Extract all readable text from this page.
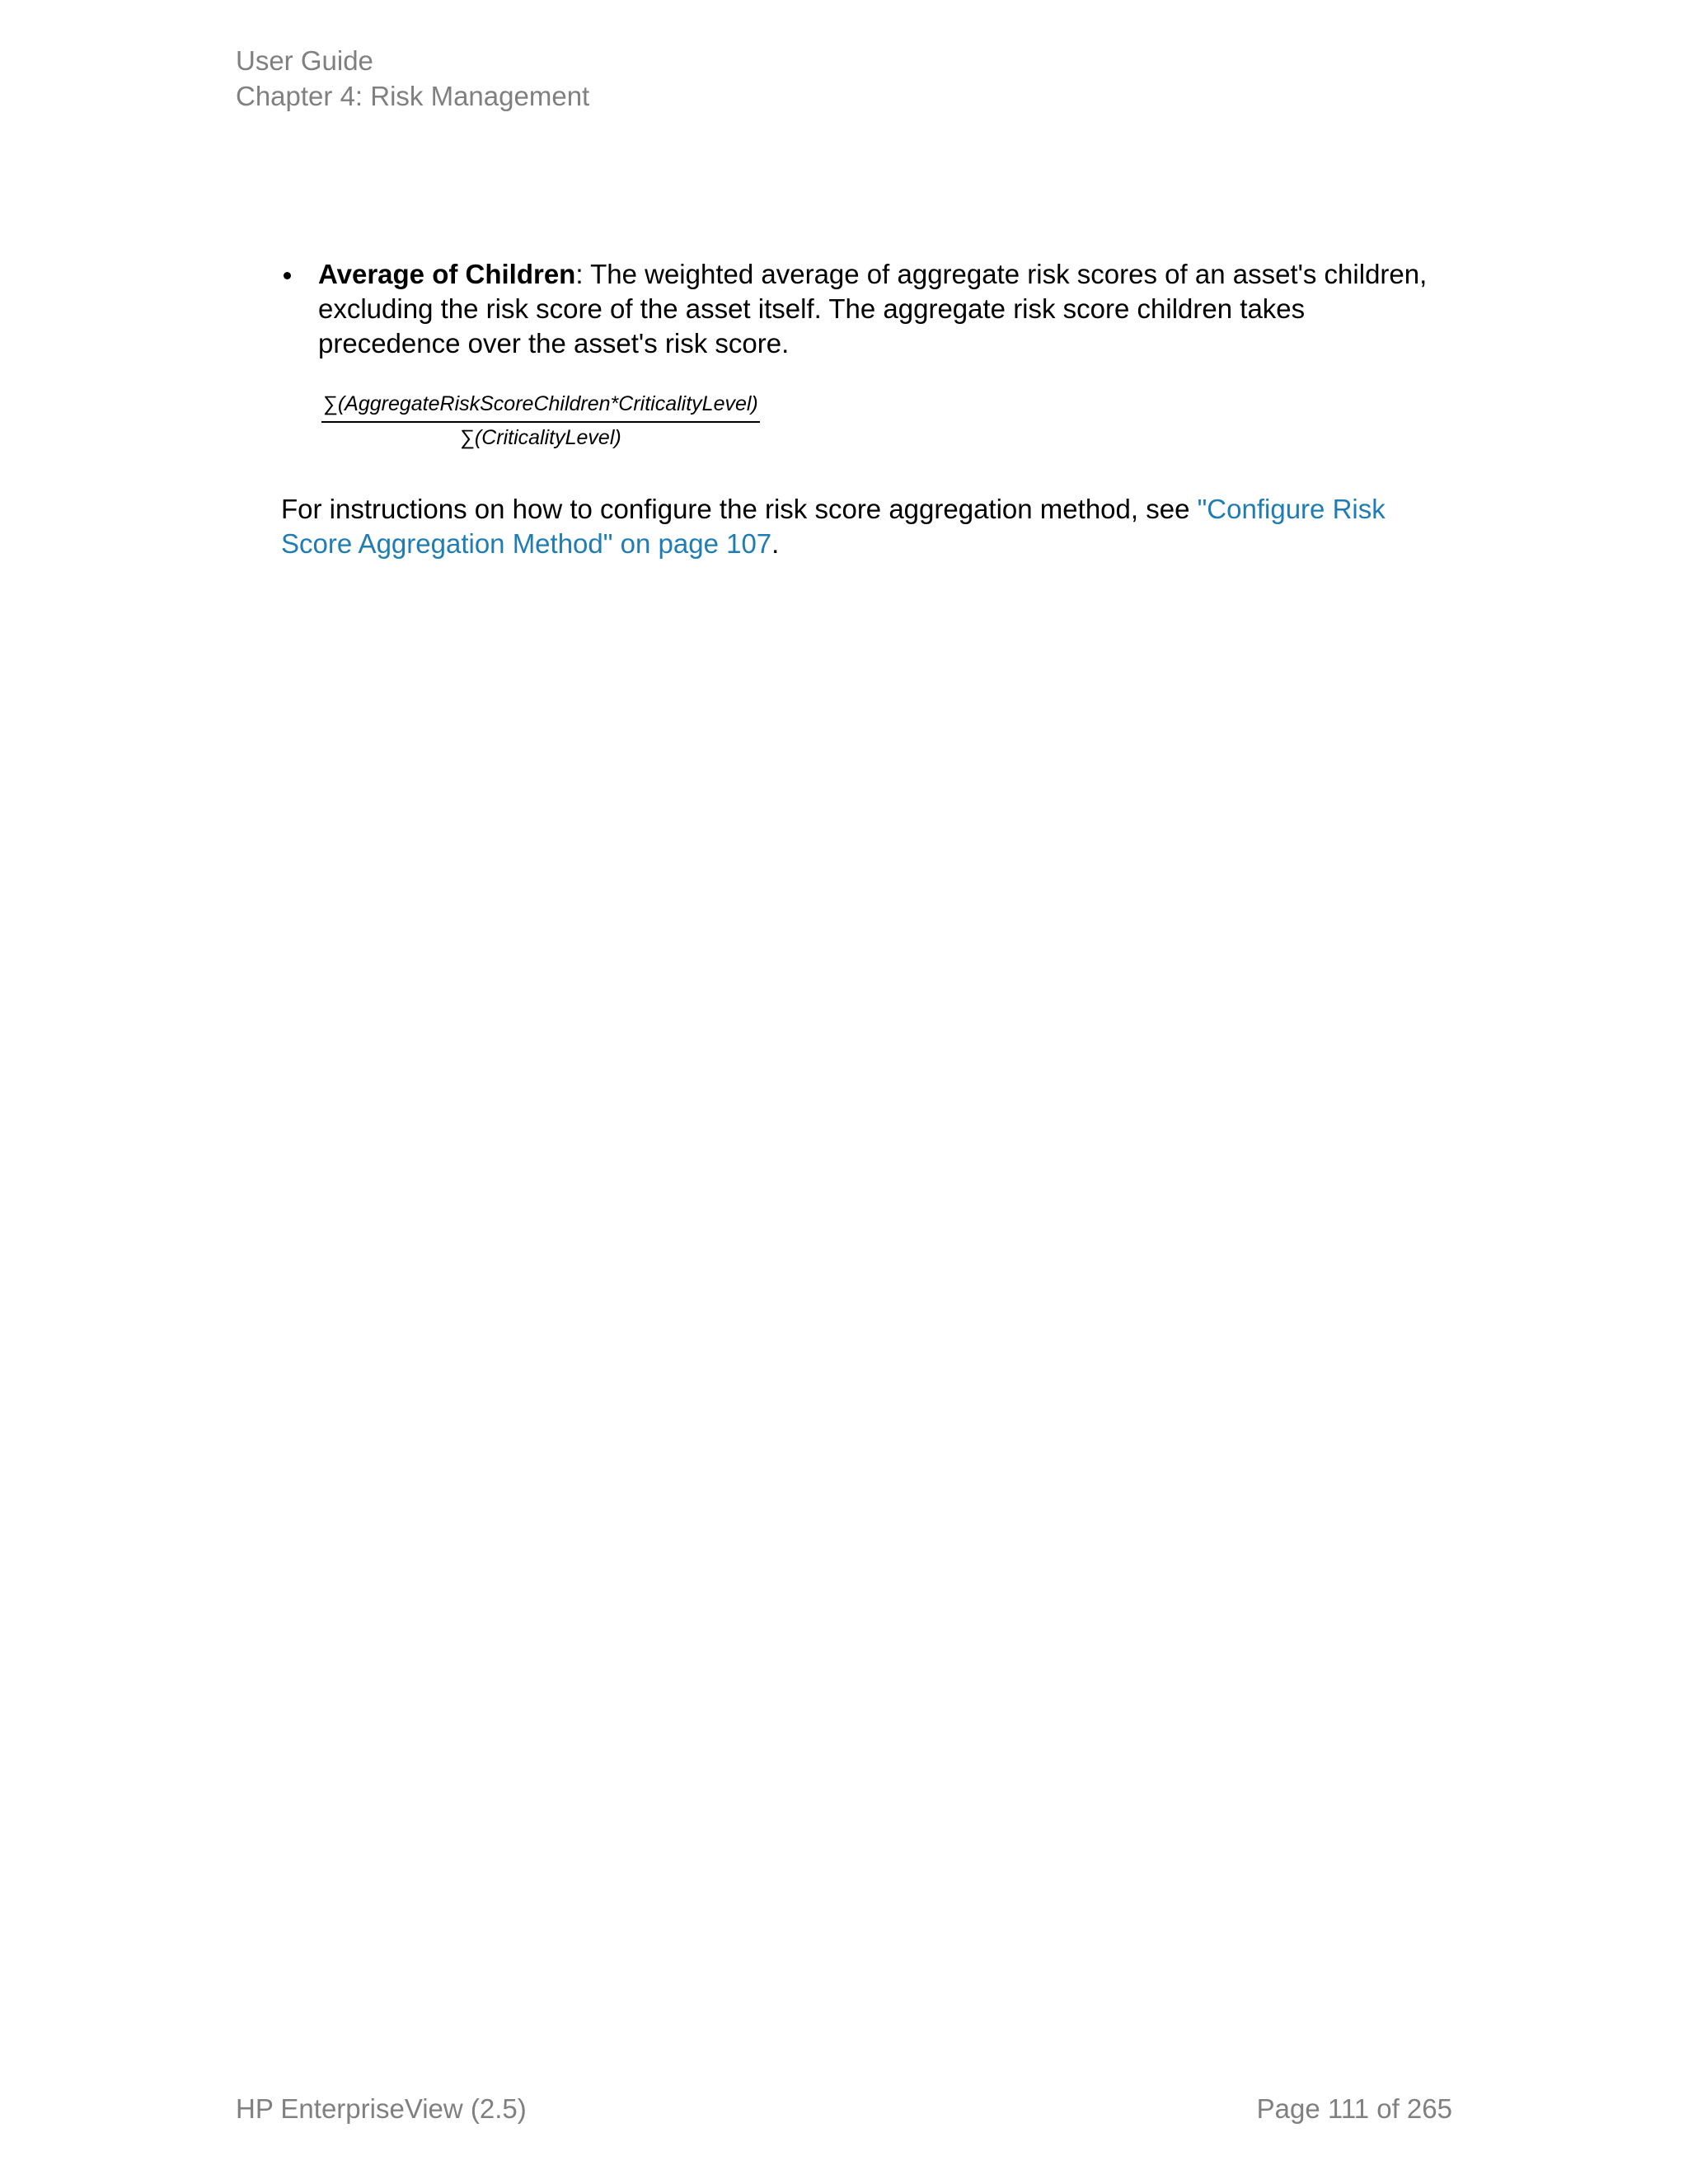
User Guide
Chapter 4: Risk Management
Average of Children: The weighted average of aggregate risk scores of an asset's children, excluding the risk score of the asset itself. The aggregate risk score children takes precedence over the asset's risk score.
∑(AggregateRiskScoreChildren*CriticalityLevel)
∑(CriticalityLevel)
For instructions on how to configure the risk score aggregation method, see "Configure Risk Score Aggregation Method" on page 107.
HP EnterpriseView (2.5)	Page 111 of 265
